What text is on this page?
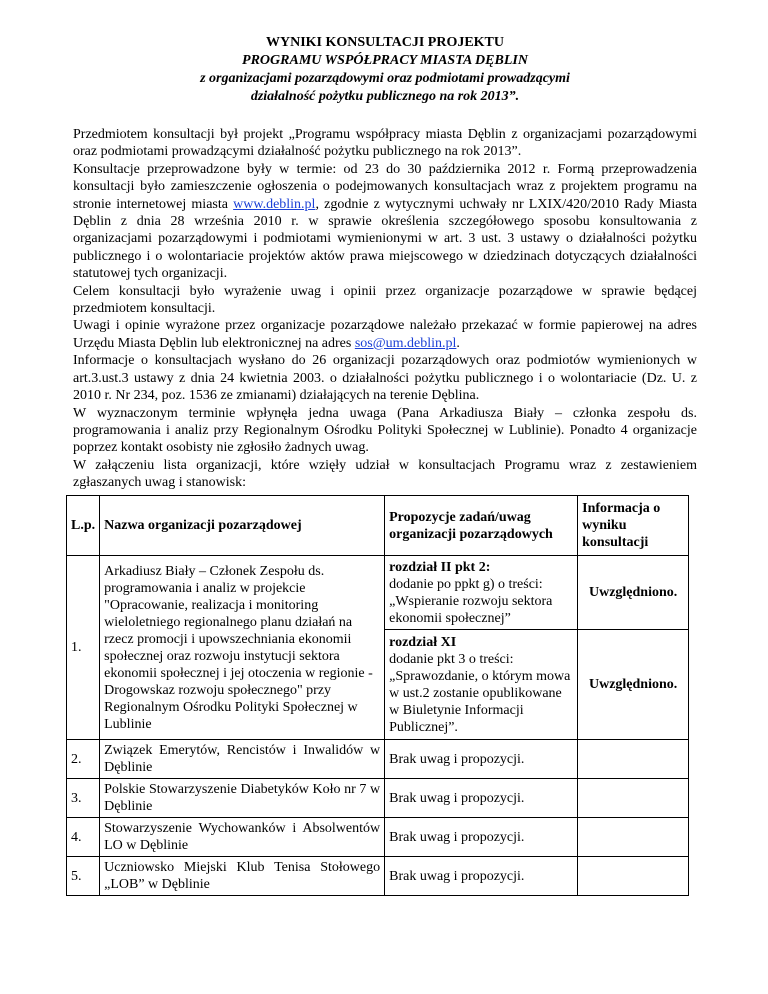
WYNIKI KONSULTACJI PROJEKTU
PROGRAMU WSPÓŁPRACY MIASTA DĘBLIN
z organizacjami pozarządowymi oraz podmiotami prowadzącymi
działalność pożytku publicznego na rok 2013”.

Przedmiotem konsultacji był projekt „Programu współpracy miasta Dęblin z organizacjami pozarządowymi oraz podmiotami prowadzącymi działalność pożytku publicznego na rok 2013”.

Konsultacje przeprowadzone były w termie: od 23 do 30 października 2012 r. Formą przeprowadzenia konsultacji było zamieszczenie ogłoszenia o podejmowanych konsultacjach wraz z projektem programu na stronie internetowej miasta www.deblin.pl, zgodnie z wytycznymi uchwały nr LXIX/420/2010 Rady Miasta Dęblin z dnia 28 września 2010 r. w sprawie określenia szczegółowego sposobu konsultowania z organizacjami pozarządowymi i podmiotami wymienionymi w art. 3 ust. 3 ustawy o działalności pożytku publicznego i o wolontariacie projektów aktów prawa miejscowego w dziedzinach dotyczących działalności statutowej tych organizacji.

Celem konsultacji było wyrażenie uwag i opinii przez organizacje pozarządowe w sprawie będącej przedmiotem konsultacji.

Uwagi i opinie wyrażone przez organizacje pozarządowe należało przekazać w formie papierowej na adres Urzędu Miasta Dęblin lub elektronicznej na adres sos@um.deblin.pl.

Informacje o konsultacjach wysłano do 26 organizacji pozarządowych oraz podmiotów wymienionych w art.3.ust.3 ustawy z dnia 24 kwietnia 2003. o działalności pożytku publicznego i o wolontariacie (Dz. U. z 2010 r. Nr 234, poz. 1536 ze zmianami) działających na terenie Dęblina.

W wyznaczonym terminie wpłynęła jedna uwaga (Pana Arkadiusza Biały – członka zespołu ds. programowania i analiz przy Regionalnym Ośrodku Polityki Społecznej w Lublinie). Ponadto 4 organizacje poprzez kontakt osobisty nie zgłosiło żadnych uwag.

W załączeniu lista organizacji, które wzięły udział w konsultacjach Programu wraz z zestawieniem zgłaszanych uwag i stanowisk:

L.p.	Nazwa organizacji pozarządowej	Propozycje zadań/uwag organizacji pozarządowych	Informacja o wyniku konsultacji
1.	Arkadiusz Biały – Członek Zespołu ds. programowania i analiz w projekcie "Opracowanie, realizacja i monitoring wieloletniego regionalnego planu działań na rzecz promocji i upowszechniania ekonomii społecznej oraz rozwoju instytucji sektora ekonomii społecznej i jej otoczenia w regionie - Drogowskaz rozwoju społecznego" przy Regionalnym Ośrodku Polityki Społecznej w Lublinie	rozdział II pkt 2:
dodanie po ppkt g) o treści: „Wspieranie rozwoju sektora ekonomii społecznej”	Uwzględniono.

		rozdział XI
dodanie pkt 3 o treści: „Sprawozdanie, o którym mowa w ust.2 zostanie opublikowane w Biuletynie Informacji Publicznej”.	Uwzględniono.
2.	Związek Emerytów, Rencistów i Inwalidów w Dęblinie	Brak uwag i propozycji.	
3.	Polskie Stowarzyszenie Diabetyków Koło nr 7 w Dęblinie	Brak uwag i propozycji.	
4.	Stowarzyszenie Wychowanków i Absolwentów LO w Dęblinie	Brak uwag i propozycji.	
5.	Uczniowsko Miejski Klub Tenisa Stołowego „LOB” w Dęblinie	Brak uwag i propozycji.	
